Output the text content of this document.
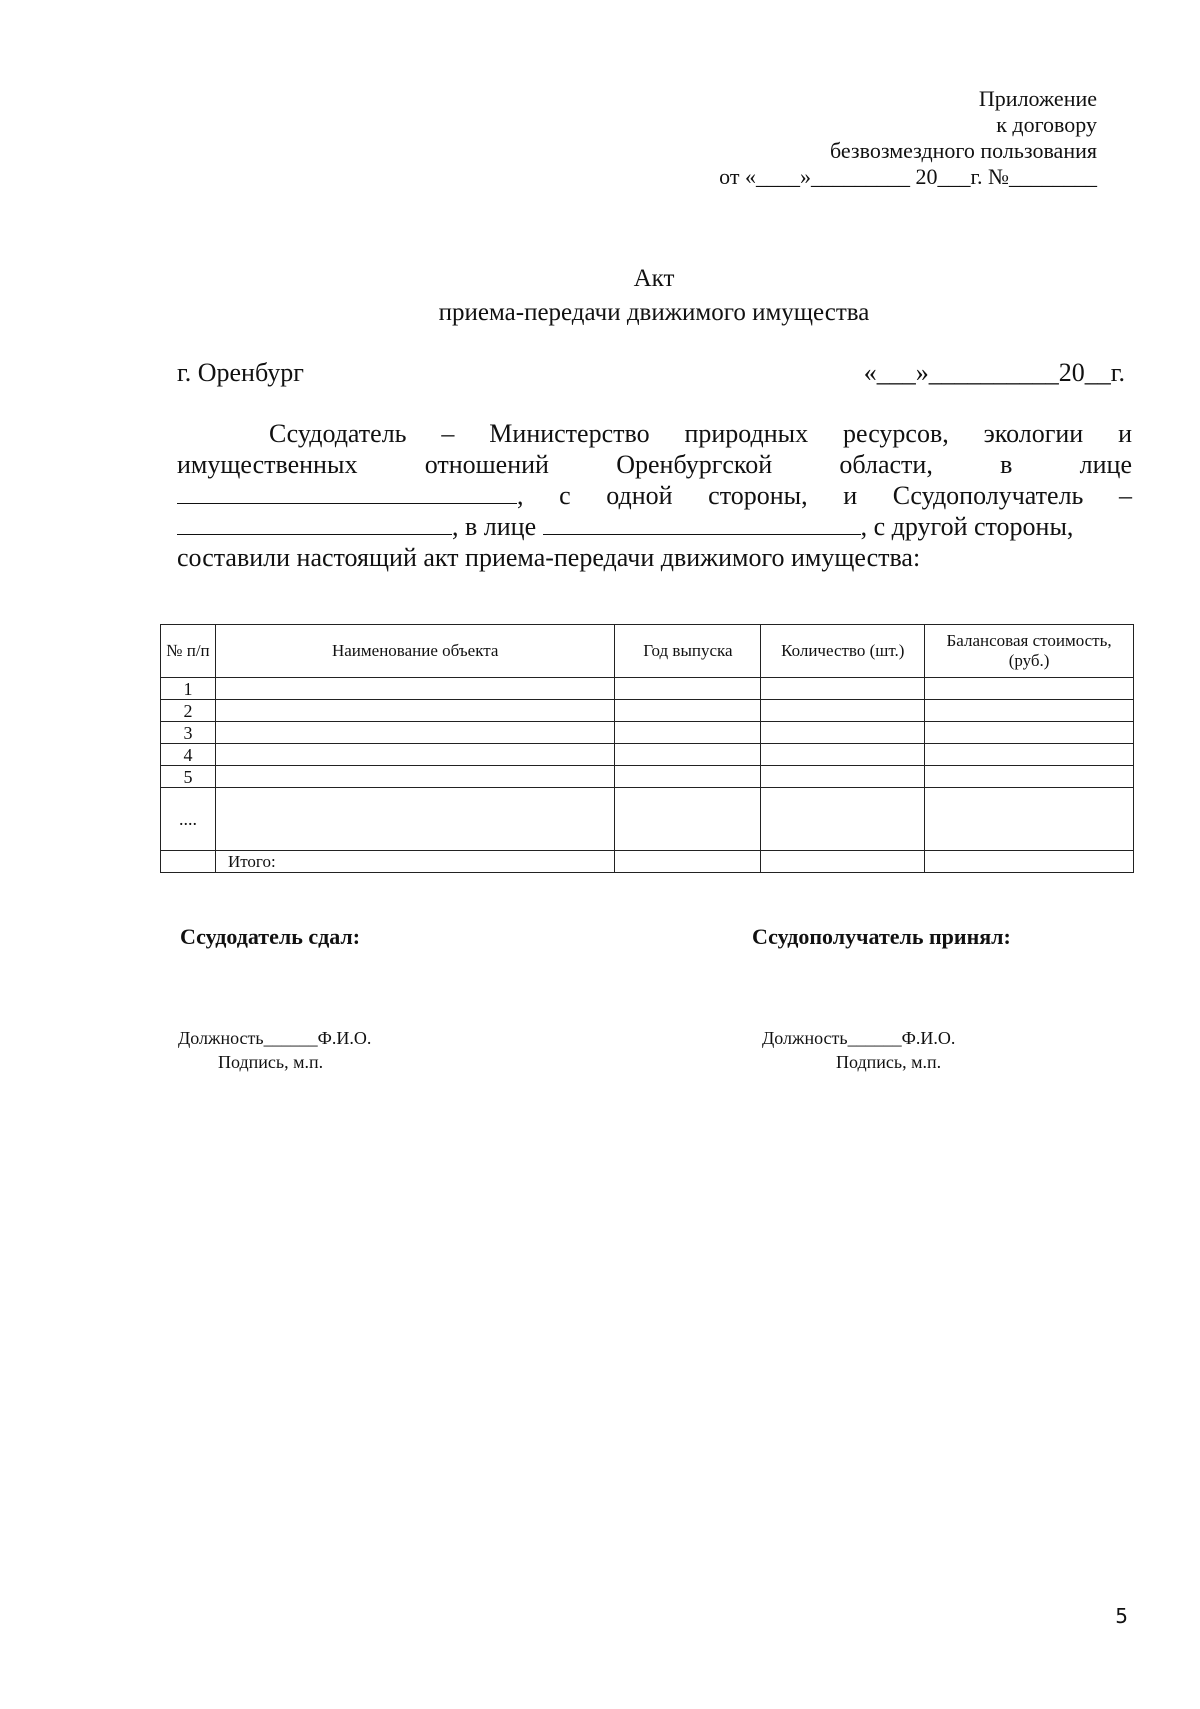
Приложение
к договору
безвозмездного пользования
от «____»_________ 20___г. №________
Акт
приема-передачи движимого имущества
г. Оренбург	«___»__________20__г.
Ссудодатель – Министерство природных ресурсов, экологии и имущественных отношений Оренбургской области, в лице , с одной стороны, и Ссудополучатель – , в лице	, с другой стороны,
составили настоящий акт приема-передачи движимого имущества:
№ п/п	Наименование объекта	Год выпуска	Количество (шт.)	Балансовая стоимость, (руб.)
1				
2				
3				
4				
5				
....				
	Итого:			
Ссудодатель сдал:	Ссудополучатель принял:
Должность______Ф.И.О.
Подпись, м.п.
Должность______Ф.И.О.
Подпись, м.п.
5
